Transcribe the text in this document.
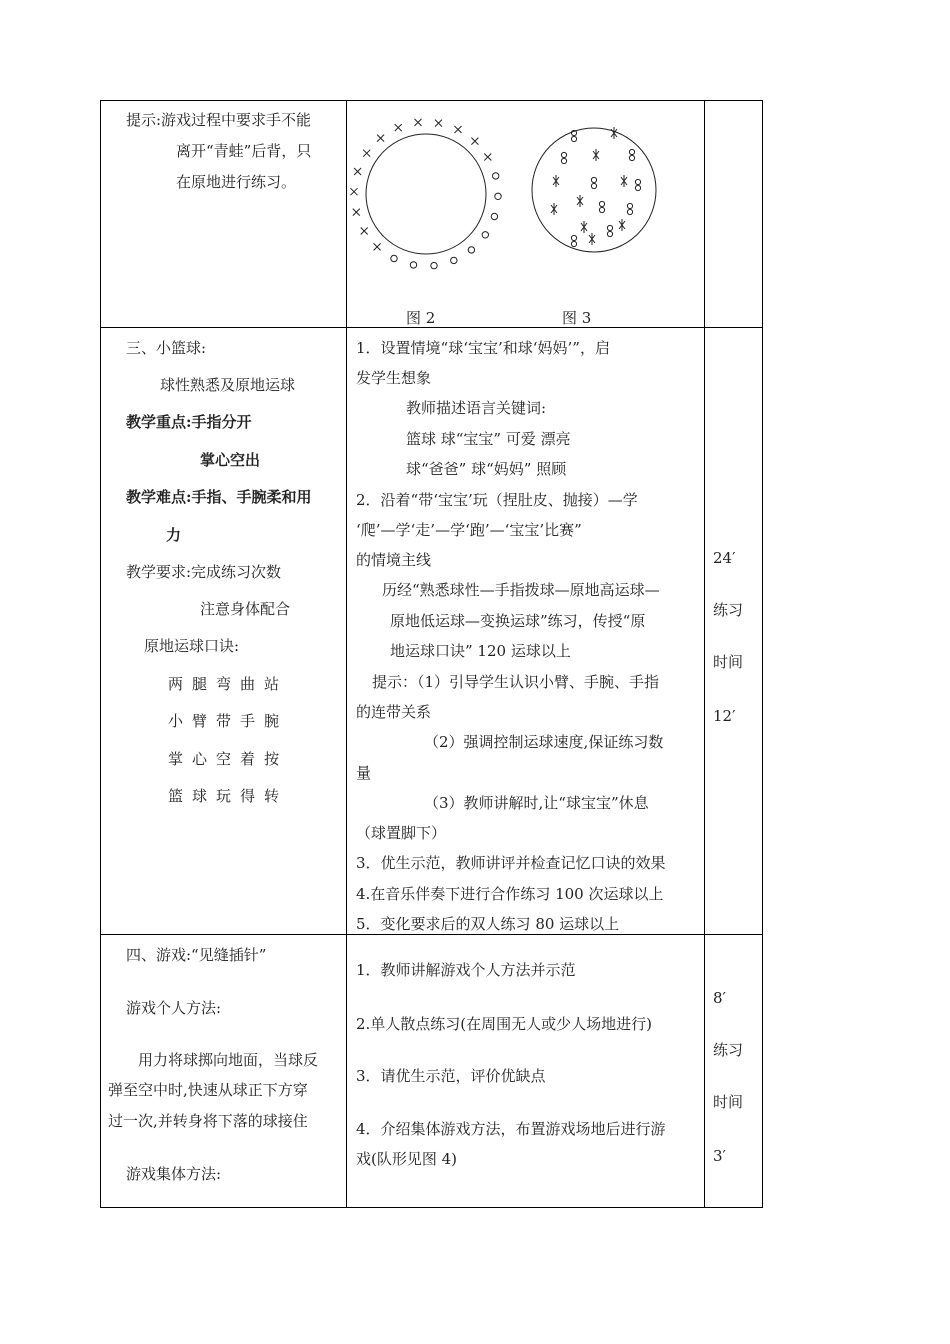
提示:游戏过程中要求手不能
离开“青蛙”后背，只
在原地进行练习。
图 2	图 3
三、小篮球:
球性熟悉及原地运球
教学重点:手指分开
掌心空出
教学难点:手指、手腕柔和用
力
教学要求:完成练习次数
注意身体配合
原地运球口诀:
两腿弯曲站
小臂带手腕
掌心空着按
篮球玩得转
1．设置情境“球‘宝宝’和球‘妈妈’”，启
发学生想象
教师描述语言关键词:
篮球 球“宝宝” 可爱 漂亮
球“爸爸” 球“妈妈” 照顾
2．沿着“带‘宝宝’玩（捏肚皮、抛接）—学
‘爬’—学‘走’—学‘跑’—‘宝宝’比赛”
的情境主线
历经“熟悉球性—手指拨球—原地高运球—
原地低运球—变换运球”练习，传授“原
地运球口诀” 120 运球以上
提示：（1）引导学生认识小臂、手腕、手指
的连带关系
（2）强调控制运球速度,保证练习数
量
（3）教师讲解时,让“球宝宝”休息
（球置脚下）
3．优生示范，教师讲评并检查记忆口诀的效果
4.在音乐伴奏下进行合作练习 100 次运球以上
5．变化要求后的双人练习 80 运球以上
24′
练习
时间
12′
四、游戏:“见缝插针”
游戏个人方法:
用力将球掷向地面，当球反
弹至空中时,快速从球正下方穿
过一次,并转身将下落的球接住
游戏集体方法:
1．教师讲解游戏个人方法并示范
2.单人散点练习(在周围无人或少人场地进行)
3．请优生示范，评价优缺点
4．介绍集体游戏方法，布置游戏场地后进行游
戏(队形见图 4)
8′
练习
时间
3′
